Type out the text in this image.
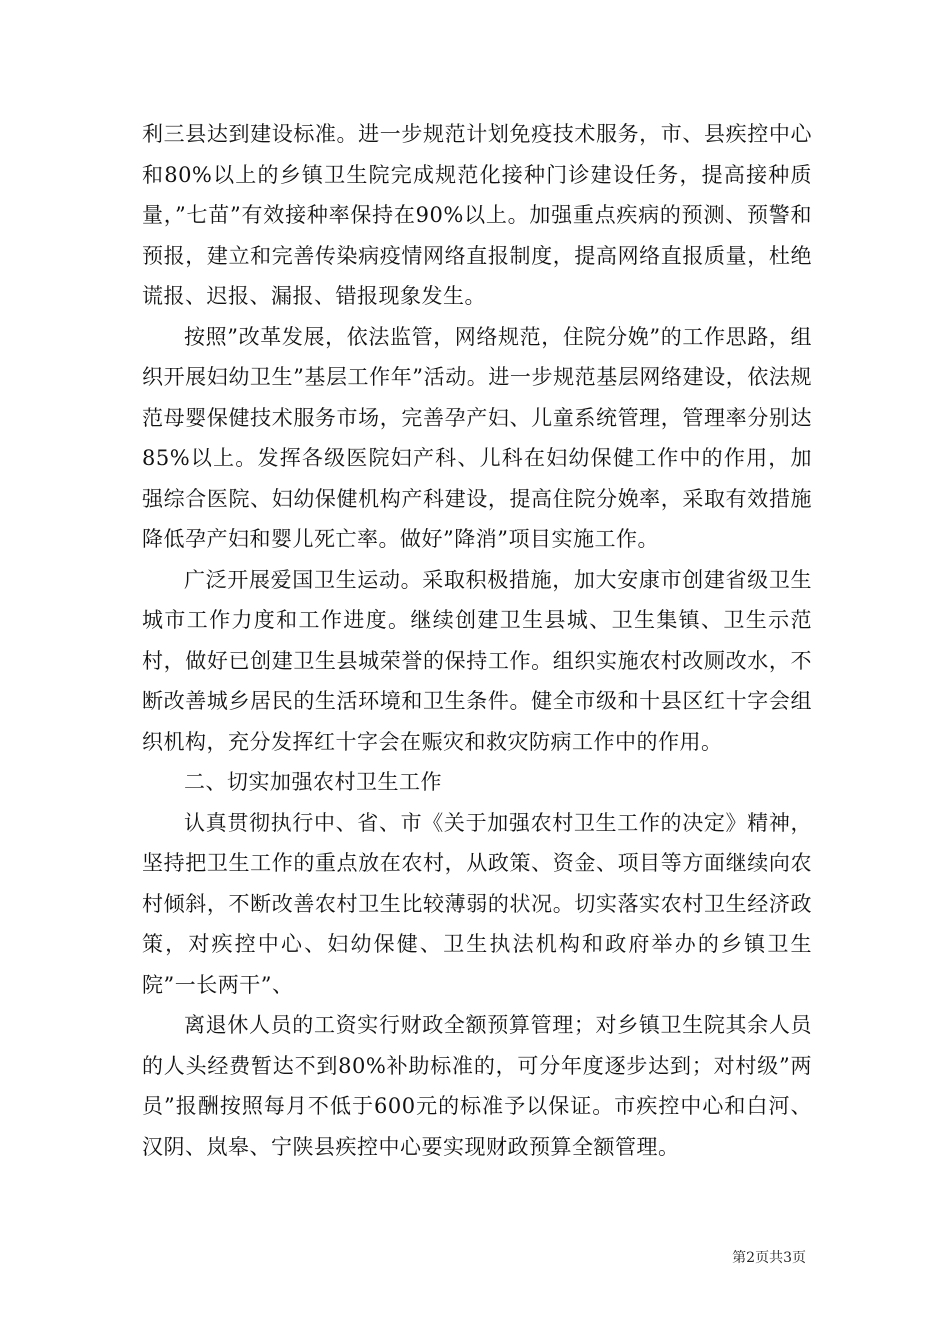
利三县达到建设标准。进一步规范计划免疫技术服务，市、县疾控中心和80%以上的乡镇卫生院完成规范化接种门诊建设任务，提高接种质量，”七苗”有效接种率保持在90%以上。加强重点疾病的预测、预警和预报，建立和完善传染病疫情网络直报制度，提高网络直报质量，杜绝谎报、迟报、漏报、错报现象发生。

按照”改革发展，依法监管，网络规范，住院分娩”的工作思路，组织开展妇幼卫生”基层工作年”活动。进一步规范基层网络建设，依法规范母婴保健技术服务市场，完善孕产妇、儿童系统管理，管理率分别达85%以上。发挥各级医院妇产科、儿科在妇幼保健工作中的作用，加强综合医院、妇幼保健机构产科建设，提高住院分娩率，采取有效措施降低孕产妇和婴儿死亡率。做好”降消”项目实施工作。

广泛开展爱国卫生运动。采取积极措施，加大安康市创建省级卫生城市工作力度和工作进度。继续创建卫生县城、卫生集镇、卫生示范村，做好已创建卫生县城荣誉的保持工作。组织实施农村改厕改水，不断改善城乡居民的生活环境和卫生条件。健全市级和十县区红十字会组织机构，充分发挥红十字会在赈灾和救灾防病工作中的作用。

二、切实加强农村卫生工作

认真贯彻执行中、省、市《关于加强农村卫生工作的决定》精神，坚持把卫生工作的重点放在农村，从政策、资金、项目等方面继续向农村倾斜，不断改善农村卫生比较薄弱的状况。切实落实农村卫生经济政策，对疾控中心、妇幼保健、卫生执法机构和政府举办的乡镇卫生院”一长两干”、

离退休人员的工资实行财政全额预算管理；对乡镇卫生院其余人员的人头经费暂达不到80%补助标准的，可分年度逐步达到；对村级”两员”报酬按照每月不低于600元的标准予以保证。市疾控中心和白河、汉阴、岚皋、宁陕县疾控中心要实现财政预算全额管理。

第2页共3页
